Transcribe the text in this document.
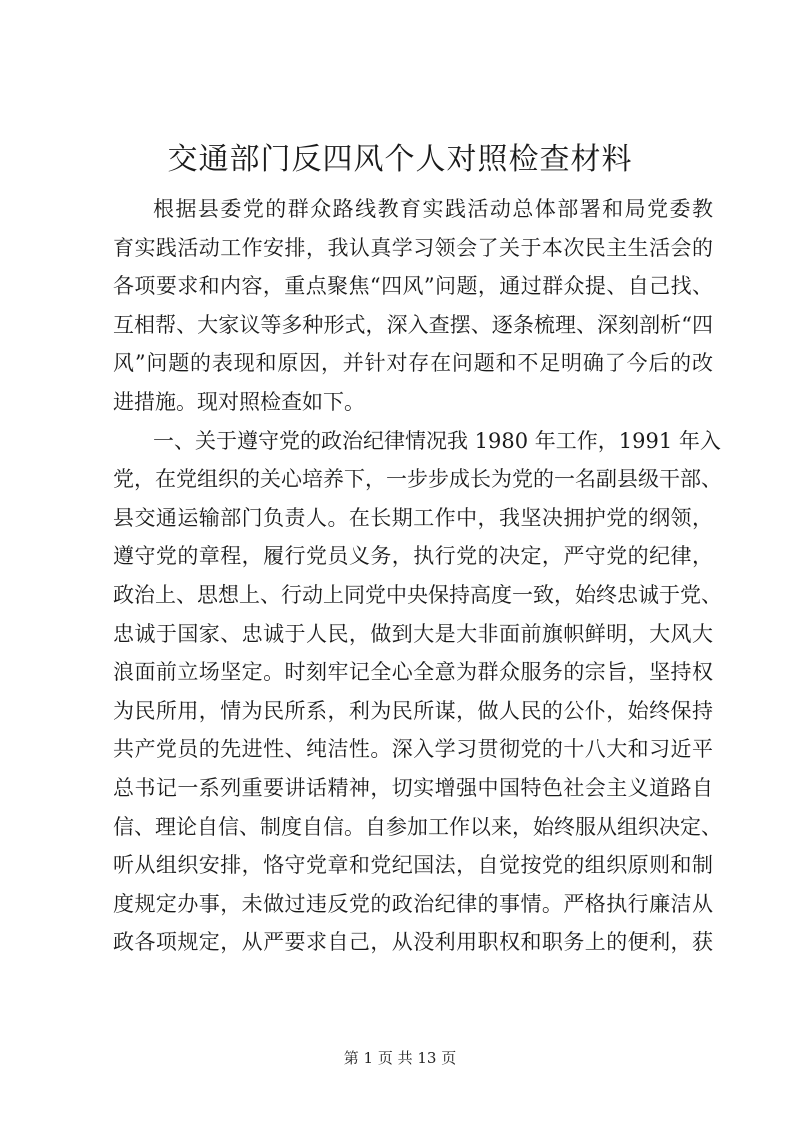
交通部门反四风个人对照检查材料
根据县委党的群众路线教育实践活动总体部署和局党委教
育实践活动工作安排，我认真学习领会了关于本次民主生活会的
各项要求和内容，重点聚焦“四风”问题，通过群众提、自己找、
互相帮、大家议等多种形式，深入查摆、逐条梳理、深刻剖析“四
风”问题的表现和原因，并针对存在问题和不足明确了今后的改
进措施。现对照检查如下。
一、关于遵守党的政治纪律情况我 1980 年工作，1991 年入
党，在党组织的关心培养下，一步步成长为党的一名副县级干部、
县交通运输部门负责人。在长期工作中，我坚决拥护党的纲领，
遵守党的章程，履行党员义务，执行党的决定，严守党的纪律，
政治上、思想上、行动上同党中央保持高度一致，始终忠诚于党、
忠诚于国家、忠诚于人民，做到大是大非面前旗帜鲜明，大风大
浪面前立场坚定。时刻牢记全心全意为群众服务的宗旨，坚持权
为民所用，情为民所系，利为民所谋，做人民的公仆，始终保持
共产党员的先进性、纯洁性。深入学习贯彻党的十八大和习近平
总书记一系列重要讲话精神，切实增强中国特色社会主义道路自
信、理论自信、制度自信。自参加工作以来，始终服从组织决定、
听从组织安排，恪守党章和党纪国法，自觉按党的组织原则和制
度规定办事，未做过违反党的政治纪律的事情。严格执行廉洁从
政各项规定，从严要求自己，从没利用职权和职务上的便利，获
第 1 页 共 13 页
